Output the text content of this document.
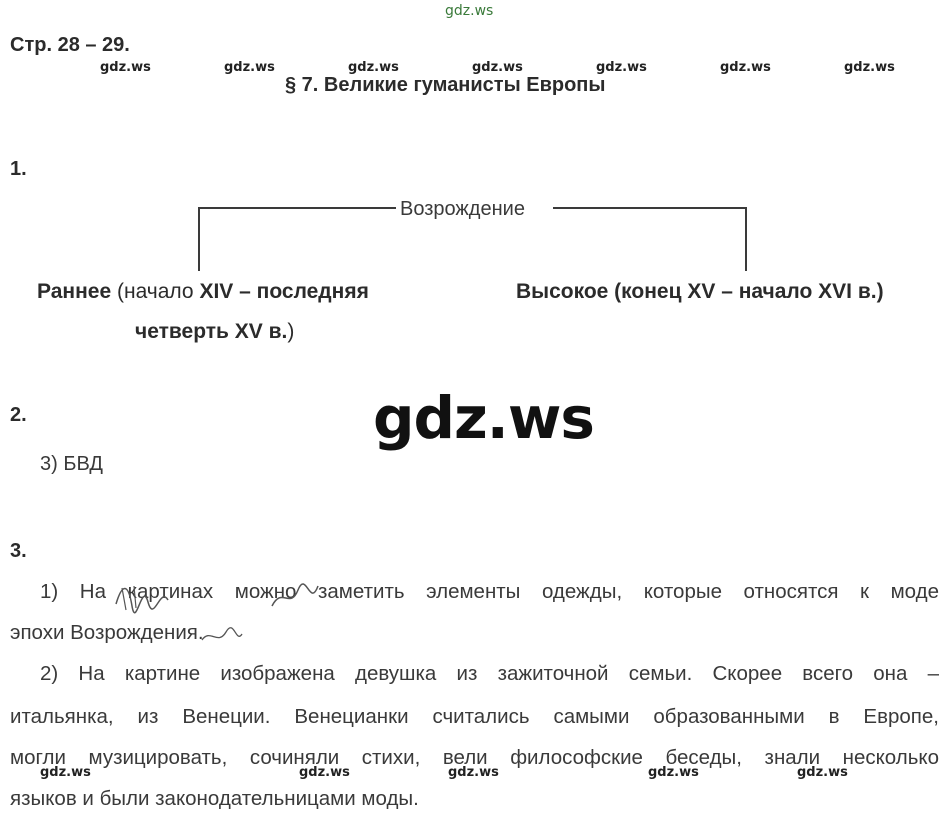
gdz.ws
gdz.ws	gdz.ws	gdz.ws	gdz.ws	gdz.ws	gdz.ws	gdz.ws
Стр. 28 – 29.
§ 7. Великие гуманисты Европы
1.
Возрождение
Раннее (начало XIV – последняя
четверть XV в.)
Высокое (конец XV – начало XVI в.)
gdz.ws
2.
3) БВД
3.
1) На картинах можно заметить элементы одежды, которые относятся к моде
эпохи Возрождения.
2) На картине изображена девушка из зажиточной семьи. Скорее всего она –
итальянка, из Венеции. Венецианки считались самыми образованными в Европе,
могли музицировать, сочиняли стихи, вели философские беседы, знали несколько
языков и были законодательницами моды.
gdz.ws	gdz.ws	gdz.ws	gdz.ws	gdz.ws
